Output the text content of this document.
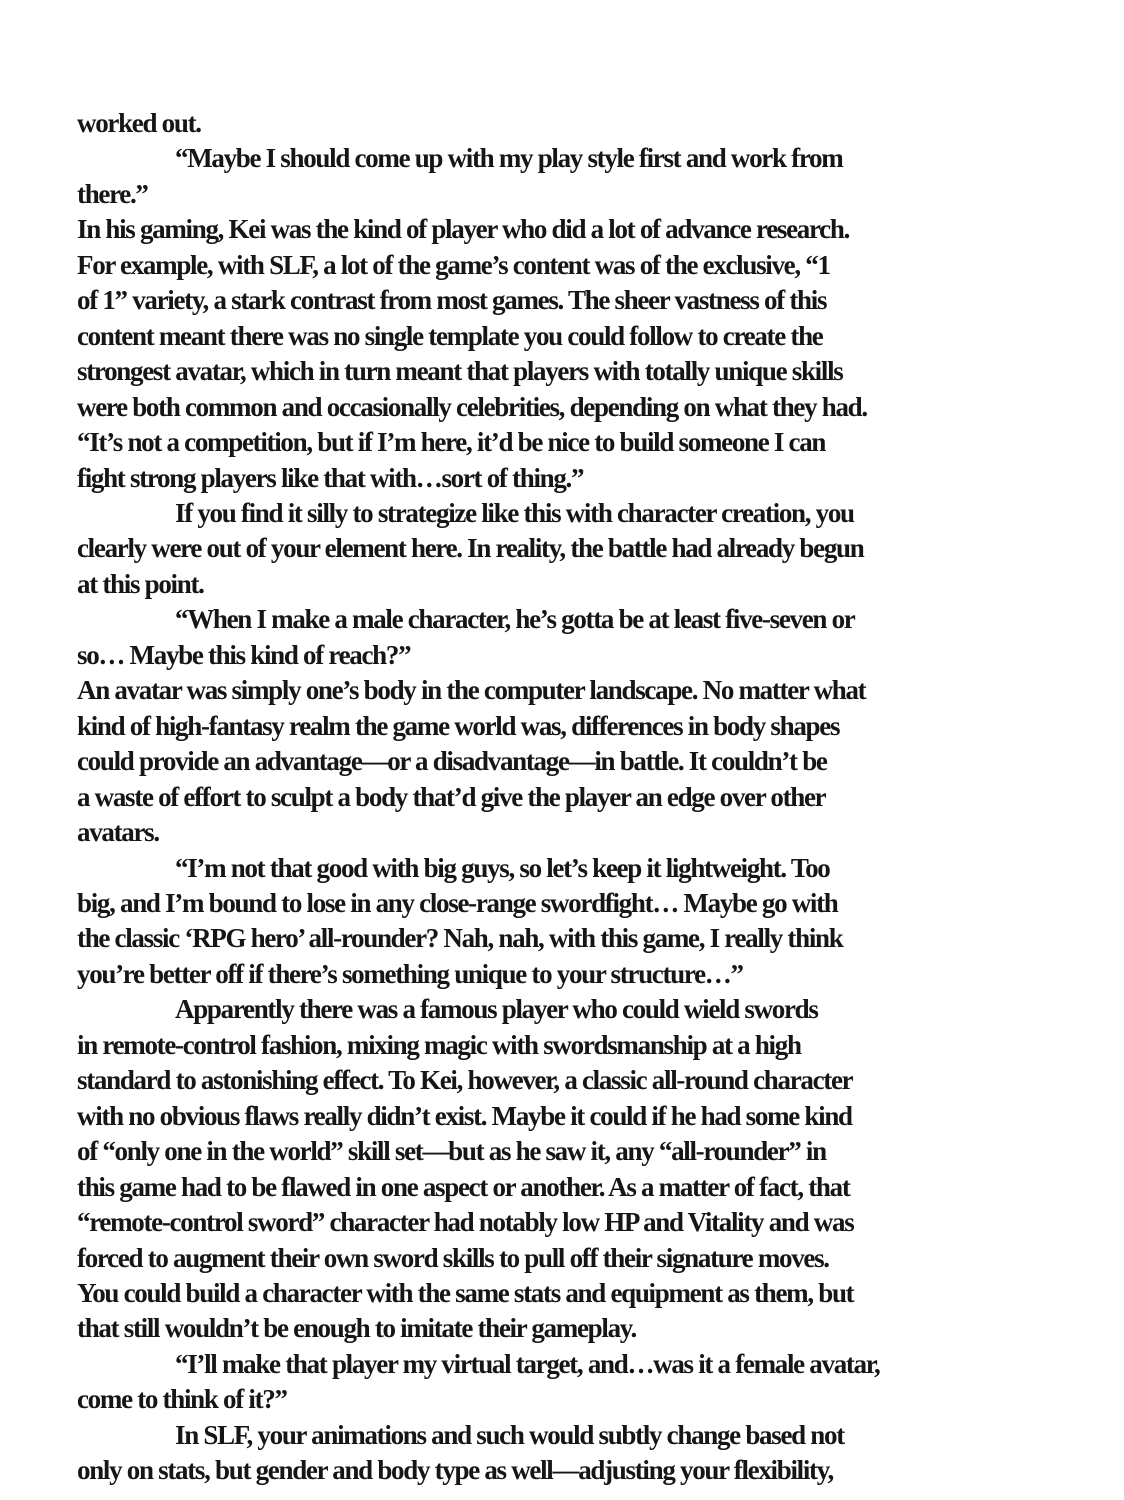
worked out.
“Maybe I should come up with my play style first and work from
there.”
In his gaming, Kei was the kind of player who did a lot of advance research.
For example, with SLF, a lot of the game’s content was of the exclusive, “1
of 1” variety, a stark contrast from most games. The sheer vastness of this
content meant there was no single template you could follow to create the
strongest avatar, which in turn meant that players with totally unique skills
were both common and occasionally celebrities, depending on what they had.
“It’s not a competition, but if I’m here, it’d be nice to build someone I can
fight strong players like that with…sort of thing.”
If you find it silly to strategize like this with character creation, you
clearly were out of your element here. In reality, the battle had already begun
at this point.
“When I make a male character, he’s gotta be at least five-seven or
so… Maybe this kind of reach?”
An avatar was simply one’s body in the computer landscape. No matter what
kind of high-fantasy realm the game world was, differences in body shapes
could provide an advantage—or a disadvantage—in battle. It couldn’t be
a waste of effort to sculpt a body that’d give the player an edge over other
avatars.
“I’m not that good with big guys, so let’s keep it lightweight. Too
big, and I’m bound to lose in any close-range swordfight… Maybe go with
the classic ‘RPG hero’ all-rounder? Nah, nah, with this game, I really think
you’re better off if there’s something unique to your structure…”
Apparently there was a famous player who could wield swords
in remote-control fashion, mixing magic with swordsmanship at a high
standard to astonishing effect. To Kei, however, a classic all-round character
with no obvious flaws really didn’t exist. Maybe it could if he had some kind
of “only one in the world” skill set—but as he saw it, any “all-rounder” in
this game had to be flawed in one aspect or another. As a matter of fact, that
“remote-control sword” character had notably low HP and Vitality and was
forced to augment their own sword skills to pull off their signature moves.
You could build a character with the same stats and equipment as them, but
that still wouldn’t be enough to imitate their gameplay.
“I’ll make that player my virtual target, and…was it a female avatar,
come to think of it?”
In SLF, your animations and such would subtly change based not
only on stats, but gender and body type as well—adjusting your flexibility,
